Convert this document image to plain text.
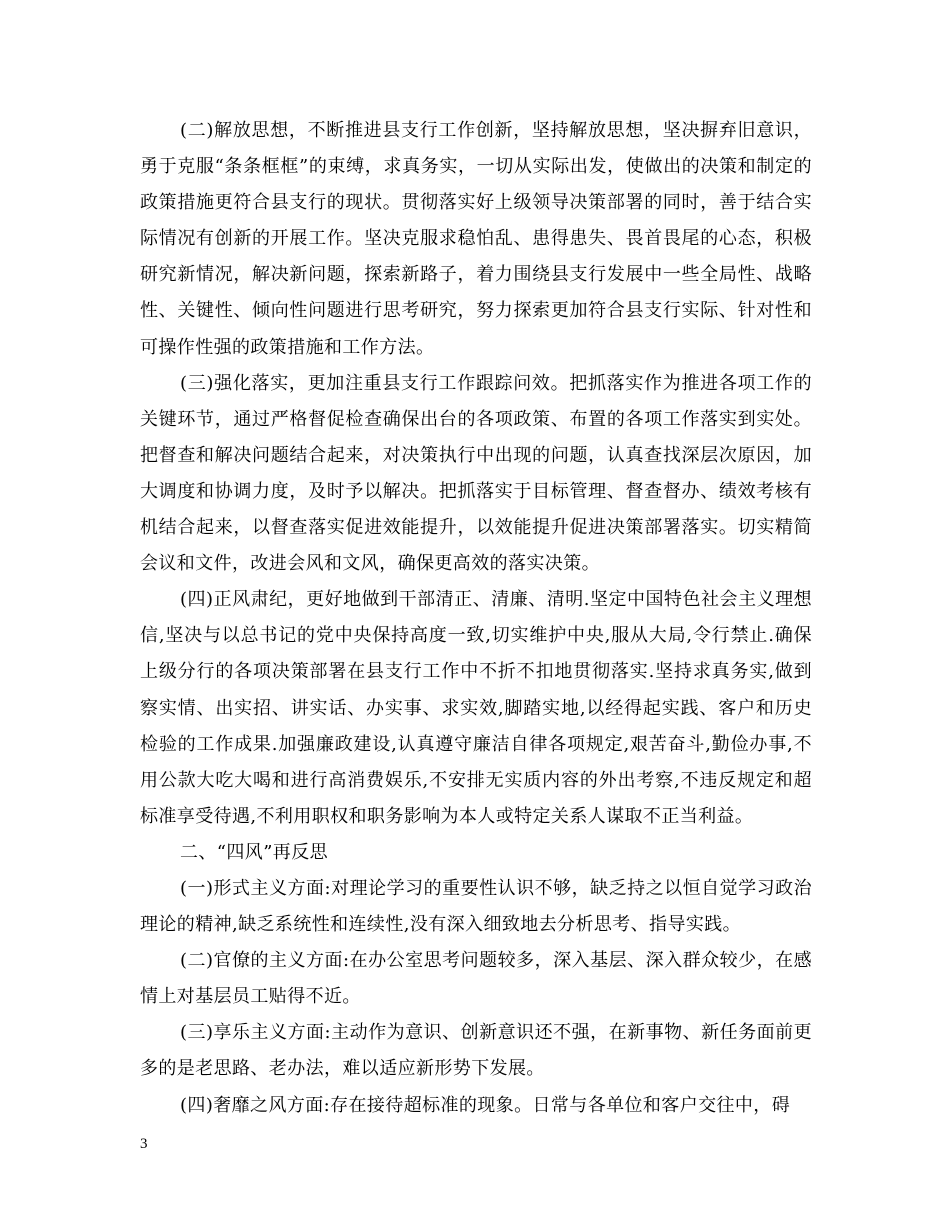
(二)解放思想，不断推进县支行工作创新，坚持解放思想，坚决摒弃旧意识，勇于克服“条条框框”的束缚，求真务实，一切从实际出发，使做出的决策和制定的政策措施更符合县支行的现状。贯彻落实好上级领导决策部署的同时，善于结合实际情况有创新的开展工作。坚决克服求稳怕乱、患得患失、畏首畏尾的心态，积极研究新情况，解决新问题，探索新路子，着力围绕县支行发展中一些全局性、战略性、关键性、倾向性问题进行思考研究，努力探索更加符合县支行实际、针对性和可操作性强的政策措施和工作方法。

(三)强化落实，更加注重县支行工作跟踪问效。把抓落实作为推进各项工作的关键环节，通过严格督促检查确保出台的各项政策、布置的各项工作落实到实处。把督查和解决问题结合起来，对决策执行中出现的问题，认真查找深层次原因，加大调度和协调力度，及时予以解决。把抓落实于目标管理、督查督办、绩效考核有机结合起来，以督查落实促进效能提升，以效能提升促进决策部署落实。切实精简会议和文件，改进会风和文风，确保更高效的落实决策。

(四)正风肃纪，更好地做到干部清正、清廉、清明.坚定中国特色社会主义理想信,坚决与以总书记的党中央保持高度一致,切实维护中央,服从大局,令行禁止.确保上级分行的各项决策部署在县支行工作中不折不扣地贯彻落实.坚持求真务实,做到察实情、出实招、讲实话、办实事、求实效,脚踏实地,以经得起实践、客户和历史检验的工作成果.加强廉政建设,认真遵守廉洁自律各项规定,艰苦奋斗,勤俭办事,不用公款大吃大喝和进行高消费娱乐,不安排无实质内容的外出考察,不违反规定和超标准享受待遇,不利用职权和职务影响为本人或特定关系人谋取不正当利益。

二、“四风”再反思

(一)形式主义方面:对理论学习的重要性认识不够，缺乏持之以恒自觉学习政治理论的精神,缺乏系统性和连续性,没有深入细致地去分析思考、指导实践。

(二)官僚的主义方面:在办公室思考问题较多，深入基层、深入群众较少，在感情上对基层员工贴得不近。

(三)享乐主义方面:主动作为意识、创新意识还不强，在新事物、新任务面前更多的是老思路、老办法，难以适应新形势下发展。

(四)奢靡之风方面:存在接待超标准的现象。日常与各单位和客户交往中，碍

3
